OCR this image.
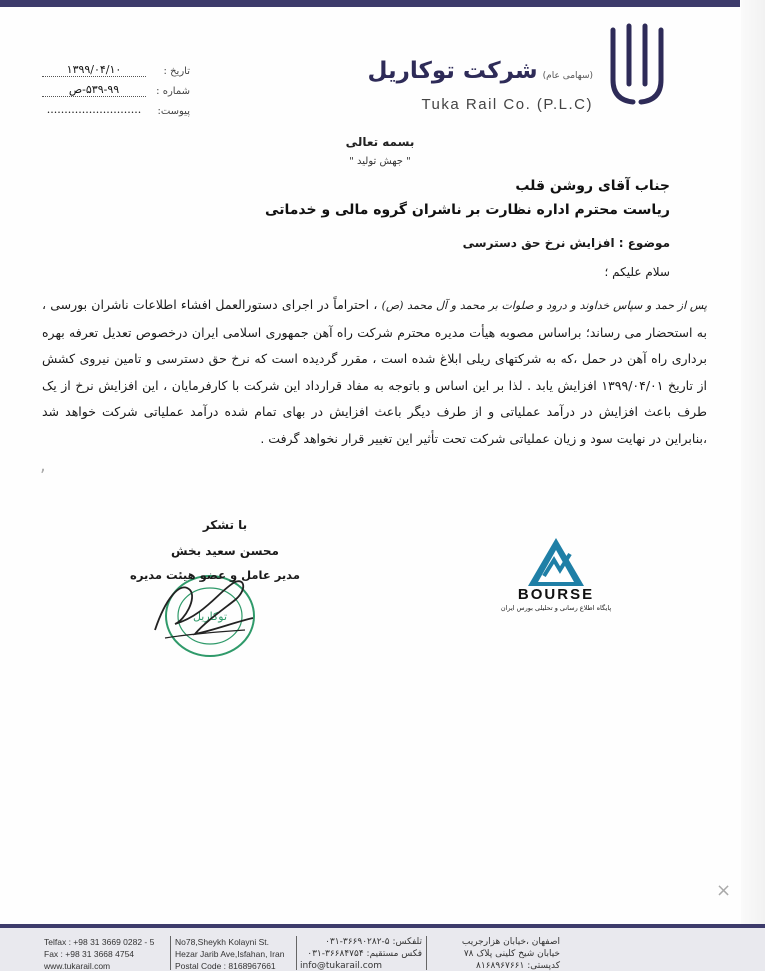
(سهامی عام) شرکت توکاریل
Tuka Rail Co. (P.L.C)
تاریخ :
۱۳۹۹/۰۴/۱۰
شماره :
۵۳۹-۹۹-ص
پیوست:
...........................
بسمه تعالی
" جهش تولید "
جناب آقای روشن قلب
ریاست محترم اداره نظارت بر ناشران گروه مالی و خدماتی
موضوع : افزایش نرخ حق دسترسی
سلام علیکم ؛
پس از حمد و سپاس خداوند و درود و صلوات بر محمد و آل محمد (ص) ، احتراماً در اجرای دستورالعمل افشاء اطلاعات ناشران بورسی ، به استحضار می رساند؛ براساس مصوبه هیأت مدیره محترم شرکت راه آهن جمهوری اسلامی ایران درخصوص تعدیل تعرفه بهره برداری راه آهن در حمل ،که به شرکتهای ریلی ابلاغ شده است ، مقرر گردیده است که نرخ حق دسترسی و تامین نیروی کشش از تاریخ ۱۳۹۹/۰۴/۰۱ افزایش یابد . لذا بر این اساس و باتوجه به مفاد قرارداد این شرکت با کارفرمایان ، این افزایش نرخ از یک طرف باعث افزایش در درآمد عملیاتی و از طرف دیگر باعث افزایش در بهای تمام شده درآمد عملیاتی شرکت خواهد شد ،بنابراین در نهایت سود و زیان عملیاتی شرکت تحت تأثیر این تغییر قرار نخواهد گرفت .
توکاریل
با تشکر
محسن سعید بخش
مدیر عامل و عضو هیئت مدیره
BOURSE
پایگاه اطلاع رسانی و تحلیلی بورس ایران
,
×
Telfax : +98 31 3669 0282 - 5
Fax : +98 31 3668 4754
www.tukarail.com
No78,Sheykh Kolayni St.
Hezar Jarib Ave,Isfahan, Iran
Postal Code : 8168967661
تلفکس: ۵-۳۶۶۹۰۲۸۲-۰۳۱
فکس مستقیم: ۳۶۶۸۴۷۵۴-۰۳۱
info@tukarail.com
اصفهان ،خیابان هزارجریب
خیابان شیخ کلینی پلاک ۷۸
کدپستی: ۸۱۶۸۹۶۷۶۶۱
